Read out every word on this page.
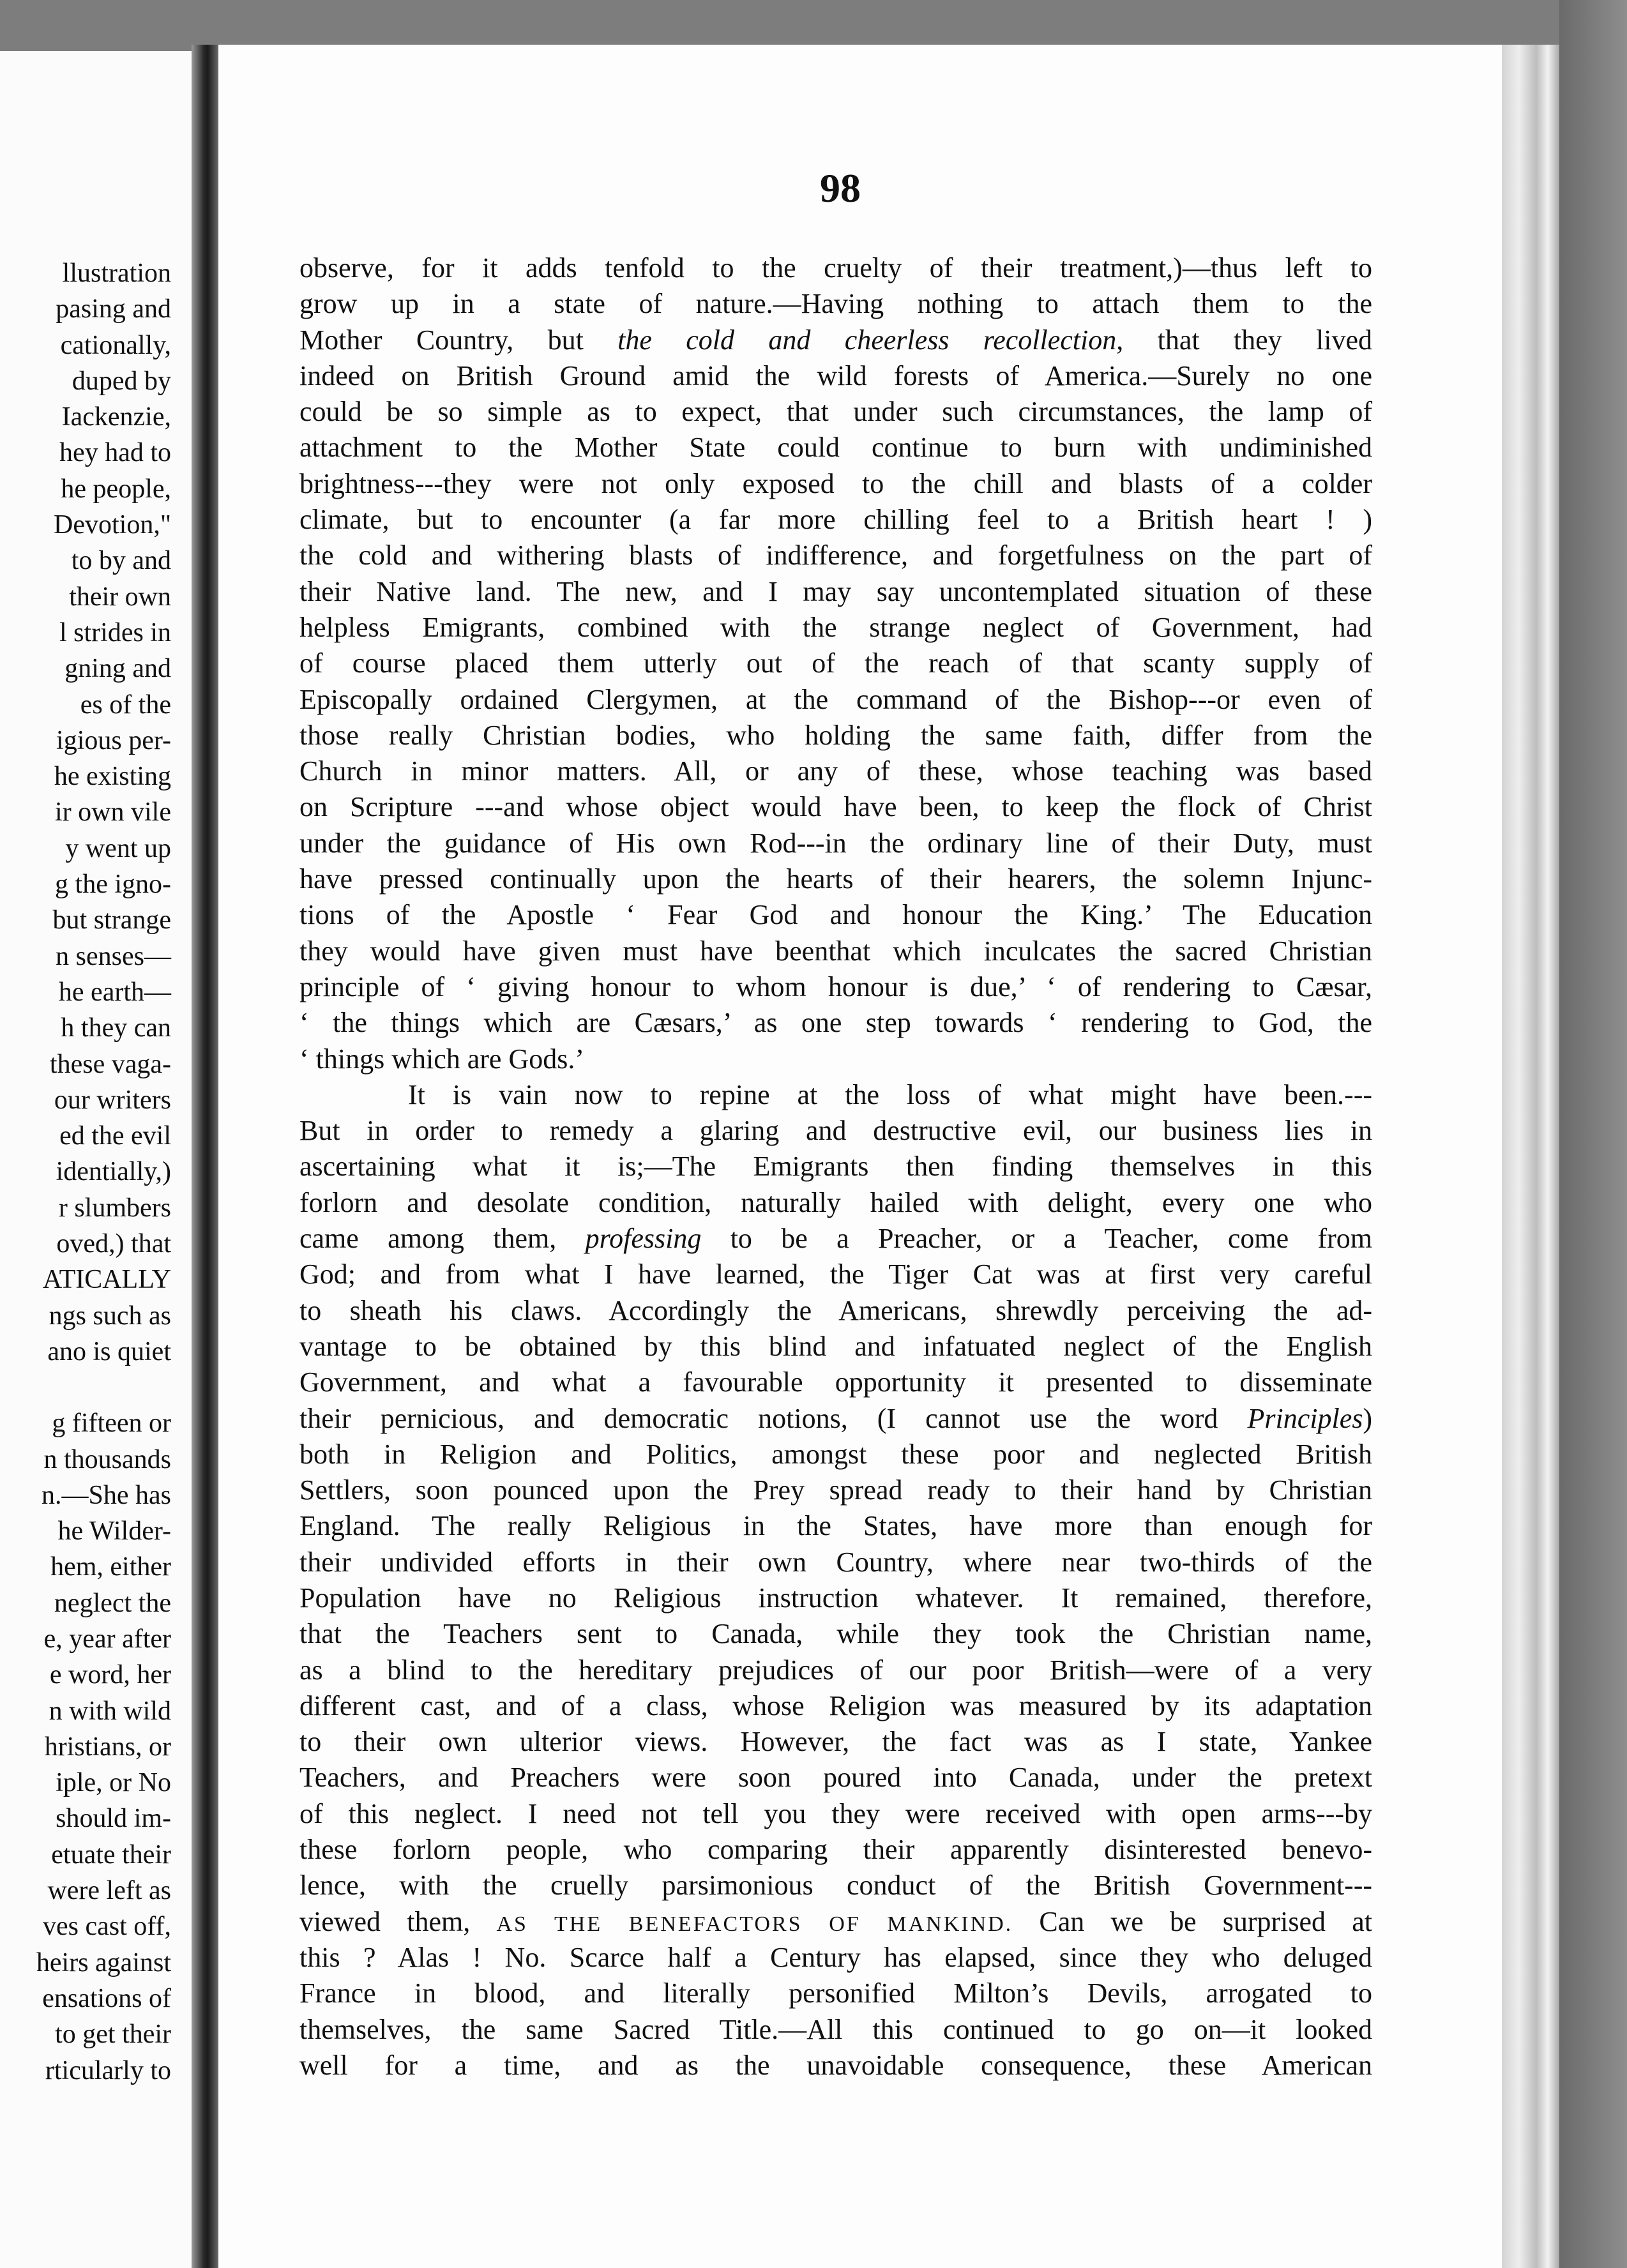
llustration
pasing and
cationally,
duped by
Iackenzie,
hey had to
he people,
Devotion,"
to by and
their own
l strides in
gning and
es of the
igious per-
he existing
ir own vile
y went up
g the igno-
but strange
n senses—
he earth—
h they can
these vaga-
our writers
ed the evil
identially,)
r slumbers
oved,) that
ATICALLY
ngs such as
ano is quiet
g fifteen or
n thousands
n.—She has
he Wilder-
hem, either
neglect the
e, year after
e word, her
n with wild
hristians, or
iple, or No
should im-
etuate their
were left as
ves cast off,
heirs against
ensations of
to get their
rticularly to
98
observe, for it adds tenfold to the cruelty of their treatment,)—thus left to
grow up in a state of nature.—Having nothing to attach them to the
Mother Country, but the cold and cheerless recollection, that they lived
indeed on British Ground amid the wild forests of America.—Surely no one
could be so simple as to expect, that under such circumstances, the lamp of
attachment to the Mother State could continue to burn with undiminished
brightness---they were not only exposed to the chill and blasts of a colder
climate, but to encounter (a far more chilling feel to a British heart ! )
the cold and withering blasts of indifference, and forgetfulness on the part of
their Native land. The new, and I may say uncontemplated situation of these
helpless Emigrants, combined with the strange neglect of Government, had
of course placed them utterly out of the reach of that scanty supply of
Episcopally ordained Clergymen, at the command of the Bishop---or even of
those really Christian bodies, who holding the same faith, differ from the
Church in minor matters. All, or any of these, whose teaching was based
on Scripture ---and whose object would have been, to keep the flock of Christ
under the guidance of His own Rod---in the ordinary line of their Duty, must
have pressed continually upon the hearts of their hearers, the solemn Injunc-
tions of the Apostle ‘ Fear God and honour the King.’ The Education
they would have given must have beenthat which inculcates the sacred Christian
principle of ‘ giving honour to whom honour is due,’ ‘ of rendering to Cæsar,
‘ the things which are Cæsars,’ as one step towards ‘ rendering to God, the
‘ things which are Gods.’
It is vain now to repine at the loss of what might have been.---
But in order to remedy a glaring and destructive evil, our business lies in
ascertaining what it is;—The Emigrants then finding themselves in this
forlorn and desolate condition, naturally hailed with delight, every one who
came among them, professing to be a Preacher, or a Teacher, come from
God; and from what I have learned, the Tiger Cat was at first very careful
to sheath his claws. Accordingly the Americans, shrewdly perceiving the ad-
vantage to be obtained by this blind and infatuated neglect of the English
Government, and what a favourable opportunity it presented to disseminate
their pernicious, and democratic notions, (I cannot use the word Principles)
both in Religion and Politics, amongst these poor and neglected British
Settlers, soon pounced upon the Prey spread ready to their hand by Christian
England. The really Religious in the States, have more than enough for
their undivided efforts in their own Country, where near two-thirds of the
Population have no Religious instruction whatever. It remained, therefore,
that the Teachers sent to Canada, while they took the Christian name,
as a blind to the hereditary prejudices of our poor British—were of a very
different cast, and of a class, whose Religion was measured by its adaptation
to their own ulterior views. However, the fact was as I state, Yankee
Teachers, and Preachers were soon poured into Canada, under the pretext
of this neglect. I need not tell you they were received with open arms---by
these forlorn people, who comparing their apparently disinterested benevo-
lence, with the cruelly parsimonious conduct of the British Government---
viewed them, AS THE BENEFACTORS OF MANKIND. Can we be surprised at
this ? Alas ! No. Scarce half a Century has elapsed, since they who deluged
France in blood, and literally personified Milton’s Devils, arrogated to
themselves, the same Sacred Title.—All this continued to go on—it looked
well for a time, and as the unavoidable consequence, these American
